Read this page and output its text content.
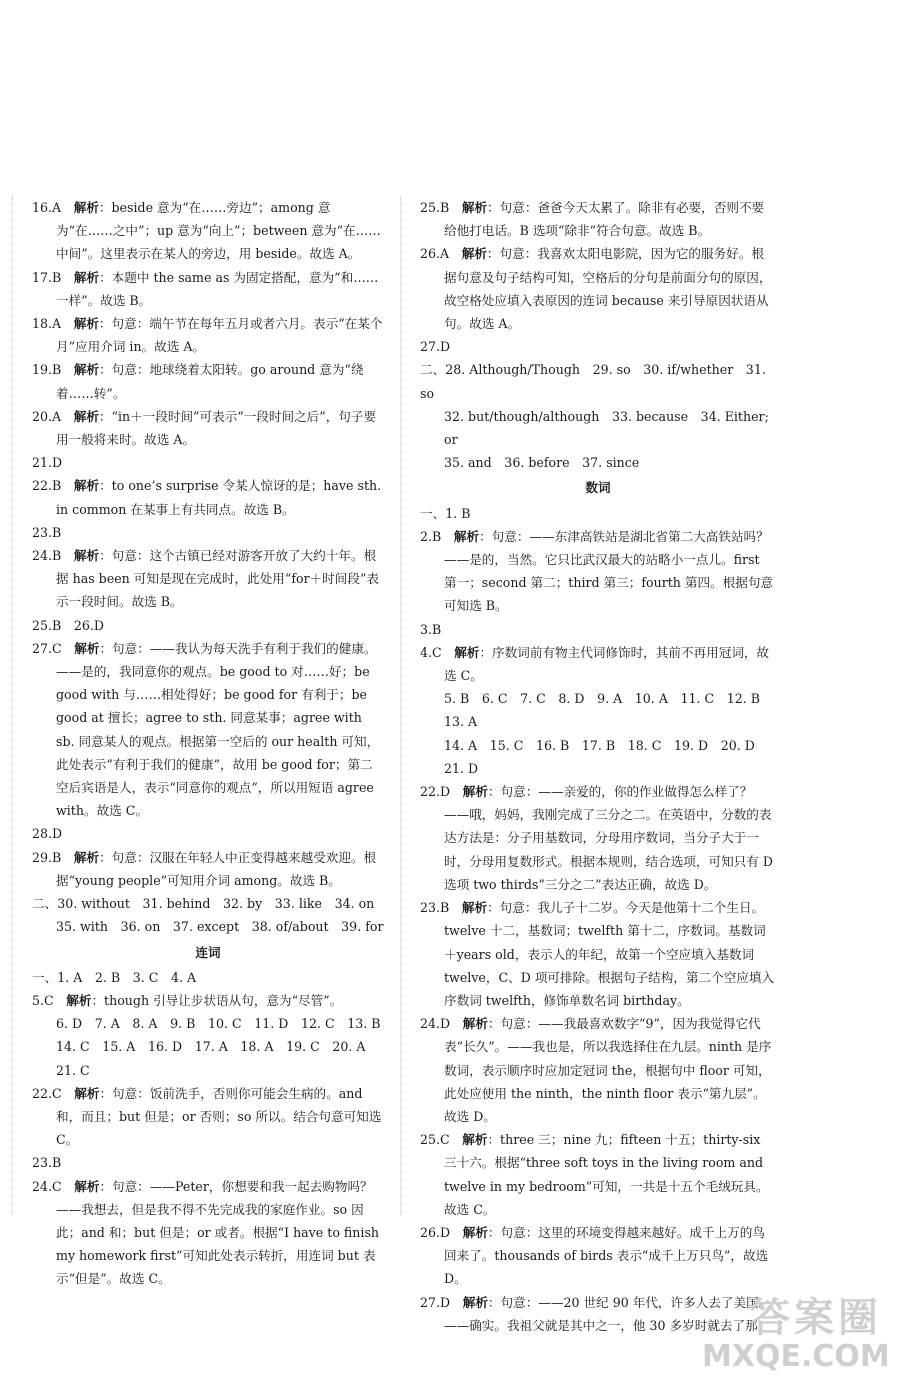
16.A　 解析：beside 意为“在……旁边”；among 意为“在……之中”；up 意为“向上”；between 意为“在……中间”。这里表示在某人的旁边，用 beside。故选 A。
17.B　 解析：本题中 the same as 为固定搭配，意为“和……一样”。故选 B。
18.A　 解析：句意：端午节在每年五月或者六月。表示“在某个月”应用介词 in。故选 A。
19.B　 解析：句意：地球绕着太阳转。go around 意为“绕着……转”。
20.A　 解析：“in＋一段时间”可表示“一段时间之后”，句子要用一般将来时。故选 A。
21.D
22.B　 解析：to one’s surprise 令某人惊讶的是；have sth. in common 在某事上有共同点。故选 B。
23.B
24.B　 解析：句意：这个古镇已经对游客开放了大约十年。根据 has been 可知是现在完成时，此处用“for＋时间段”表示一段时间。故选 B。
25.B　 26.D
27.C　 解析：句意：——我认为每天洗手有利于我们的健康。——是的，我同意你的观点。be good to 对……好；be good with 与……相处得好；be good for 有利于；be good at 擅长；agree to sth. 同意某事；agree with sb. 同意某人的观点。根据第一空后的 our health 可知，此处表示“有利于我们的健康”，故用 be good for；第二空后宾语是人，表示“同意你的观点”，所以用短语 agree with。故选 C。
28.D
29.B　 解析：句意：汉服在年轻人中正变得越来越受欢迎。根据“young people”可知用介词 among。故选 B。
二、30. without　31. behind　32. by　33. like　34. on
35. with　36. on　37. except　38. of/about　39. for
连词
一、1. A　2. B　3. C　4. A
5.C　 解析：though 引导让步状语从句，意为“尽管”。
6. D　7. A　8. A　9. B　10. C　11. D　12. C　13. B
14. C　15. A　16. D　17. A　18. A　19. C　20. A　21. C
22.C　 解析：句意：饭前洗手，否则你可能会生病的。and 和，而且；but 但是；or 否则；so 所以。结合句意可知选 C。
23.B
24.C　 解析：句意：——Peter，你想要和我一起去购物吗？——我想去，但是我不得不先完成我的家庭作业。so 因此；and 和；but 但是；or 或者。根据“I have to finish my homework first”可知此处表示转折，用连词 but 表示“但是”。故选 C。
25.B　 解析：句意：爸爸今天太累了。除非有必要，否则不要给他打电话。B 选项“除非”符合句意。故选 B。
26.A　 解析：句意：我喜欢太阳电影院，因为它的服务好。根据句意及句子结构可知，空格后的分句是前面分句的原因，故空格处应填入表原因的连词 because 来引导原因状语从句。故选 A。
27.D
二、28. Although/Though　29. so　30. if/whether　31. so
32. but/though/although　33. because　34. Either; or
35. and　36. before　37. since
数词
一、1. B
2.B　 解析：句意：——东津高铁站是湖北省第二大高铁站吗？——是的，当然。它只比武汉最大的站略小一点儿。first 第一；second 第二；third 第三；fourth 第四。根据句意可知选 B。
3.B
4.C　 解析：序数词前有物主代词修饰时，其前不再用冠词，故选 C。
5. B　6. C　7. C　8. D　9. A　10. A　11. C　12. B　13. A
14. A　15. C　16. B　17. B　18. C　19. D　20. D　21. D
22.D　 解析：句意：——亲爱的，你的作业做得怎么样了？——哦，妈妈，我刚完成了三分之二。在英语中，分数的表达方法是：分子用基数词，分母用序数词，当分子大于一时，分母用复数形式。根据本规则，结合选项，可知只有 D 选项 two thirds“三分之二”表达正确，故选 D。
23.B　 解析：句意：我儿子十二岁。今天是他第十二个生日。twelve 十二，基数词；twelfth 第十二，序数词。基数词＋years old，表示人的年纪，故第一个空应填入基数词 twelve，C、D 项可排除。根据句子结构，第二个空应填入序数词 twelfth，修饰单数名词 birthday。
24.D　 解析：句意：——我最喜欢数字“9”，因为我觉得它代表“长久”。——我也是，所以我选择住在九层。ninth 是序数词，表示顺序时应加定冠词 the，根据句中 floor 可知，此处应使用 the ninth，the ninth floor 表示“第九层”。故选 D。
25.C　 解析：three 三；nine 九；fifteen 十五；thirty-six 三十六。根据“three soft toys in the living room and twelve in my bedroom”可知，一共是十五个毛绒玩具。故选 C。
26.D　 解析：句意：这里的环境变得越来越好。成千上万的鸟回来了。thousands of birds 表示“成千上万只鸟”，故选 D。
27.D　 解析：句意：——20 世纪 90 年代，许多人去了美国。——确实。我祖父就是其中之一，他 30 多岁时就去了那
答案圈
MXQE.COM
